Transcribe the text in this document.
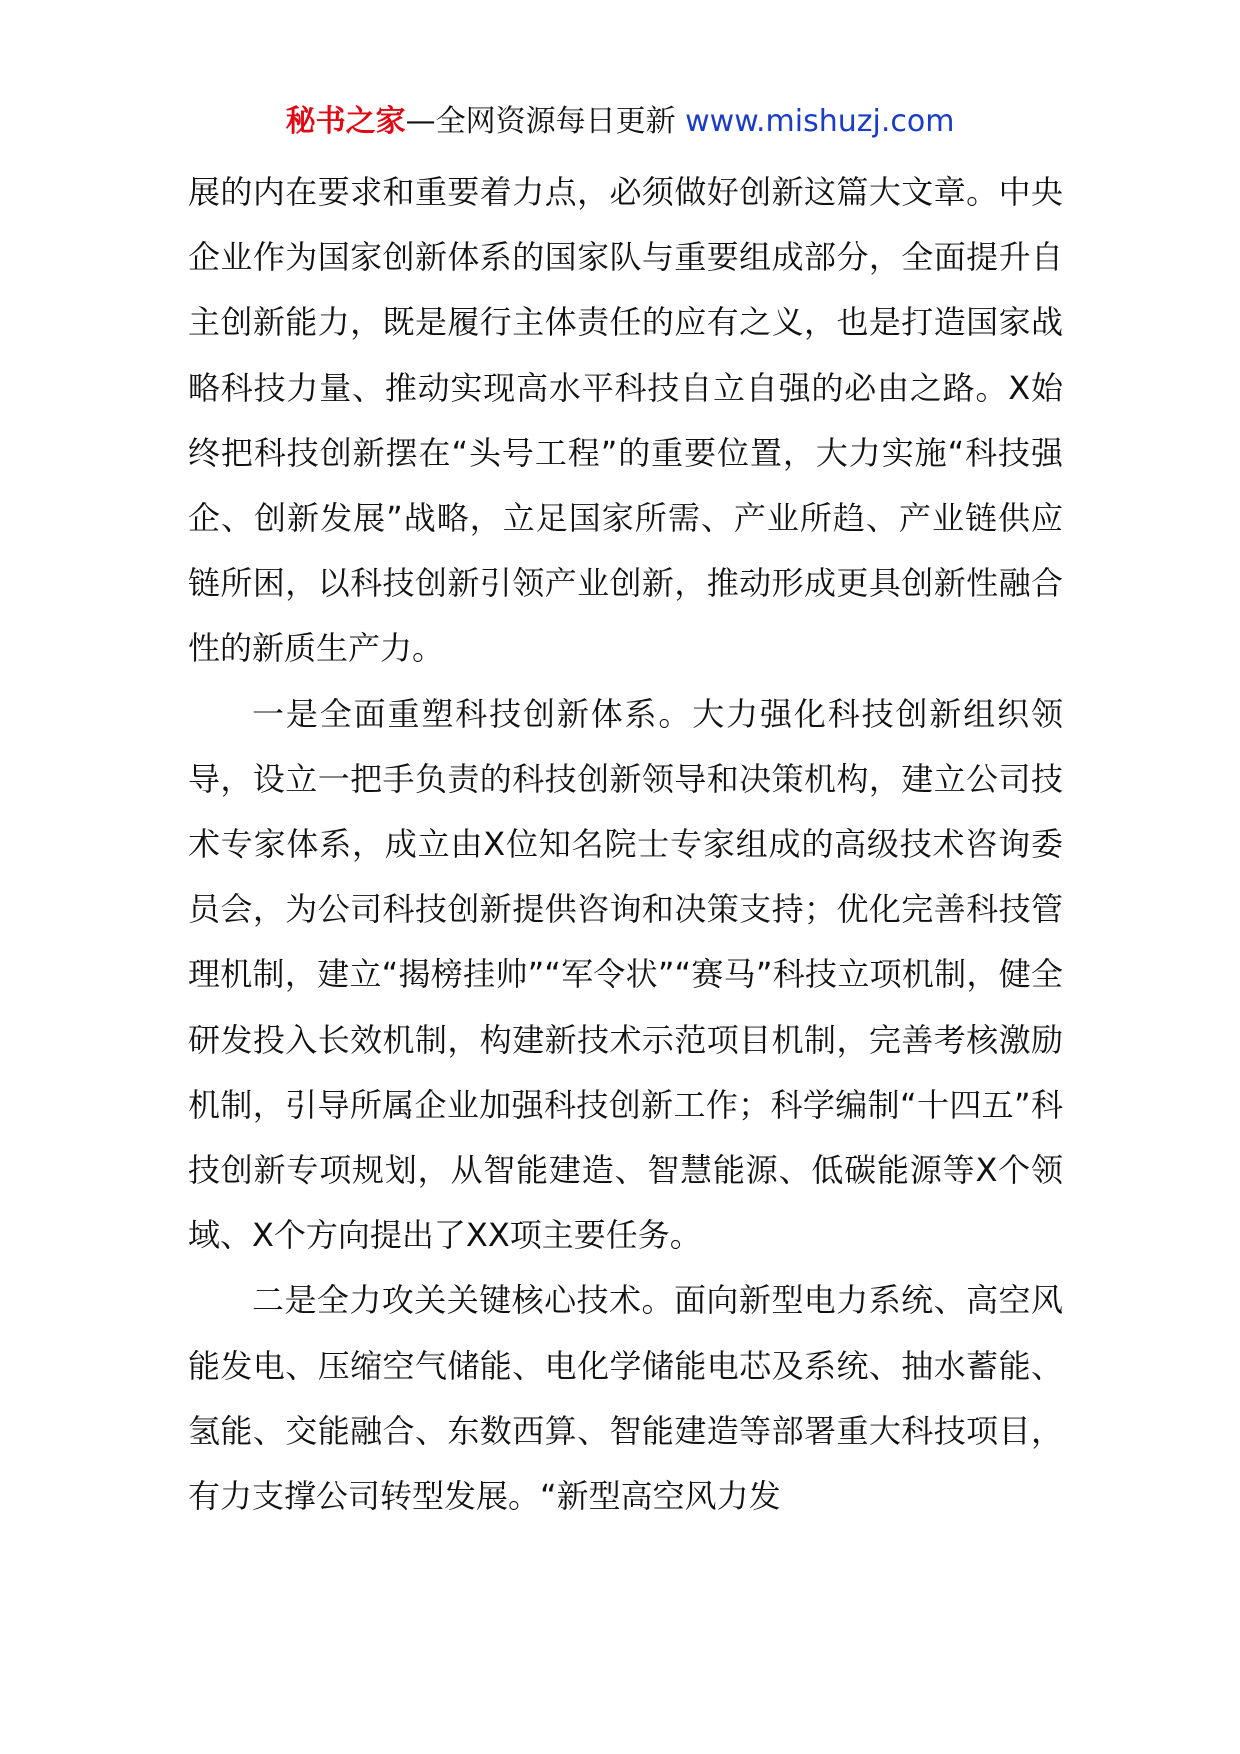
秘书之家—全网资源每日更新 www.mishuzj.com

展的内在要求和重要着力点，必须做好创新这篇大文章。中央企业作为国家创新体系的国家队与重要组成部分，全面提升自主创新能力，既是履行主体责任的应有之义，也是打造国家战略科技力量、推动实现高水平科技自立自强的必由之路。X始终把科技创新摆在“头号工程”的重要位置，大力实施“科技强企、创新发展”战略，立足国家所需、产业所趋、产业链供应链所困，以科技创新引领产业创新，推动形成更具创新性融合性的新质生产力。

一是全面重塑科技创新体系。大力强化科技创新组织领导，设立一把手负责的科技创新领导和决策机构，建立公司技术专家体系，成立由X位知名院士专家组成的高级技术咨询委员会，为公司科技创新提供咨询和决策支持；优化完善科技管理机制，建立“揭榜挂帅”“军令状”“赛马”科技立项机制，健全研发投入长效机制，构建新技术示范项目机制，完善考核激励机制，引导所属企业加强科技创新工作；科学编制“十四五”科技创新专项规划，从智能建造、智慧能源、低碳能源等X个领域、X个方向提出了XX项主要任务。

二是全力攻关关键核心技术。面向新型电力系统、高空风能发电、压缩空气储能、电化学储能电芯及系统、抽水蓄能、氢能、交能融合、东数西算、智能建造等部署重大科技项目，有力支撑公司转型发展。“新型高空风力发
